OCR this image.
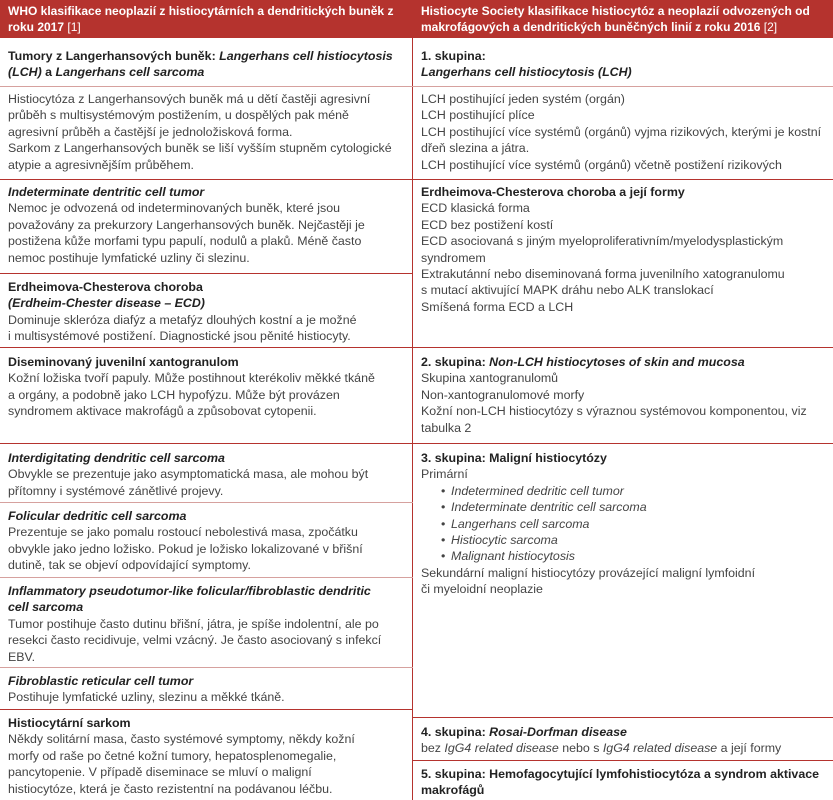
WHO klasifikace neoplazií z histiocytárních a dendritických buněk z roku 2017 [1]
Tumory z Langerhansových buněk: Langerhans cell histiocytosis
(LCH) a Langerhans cell sarcoma
Histiocytóza z Langerhansových buněk má u dětí častěji agresivní
průběh s multisystémovým postižením, u dospělých pak méně
agresivní průběh a častější je jednoložisková forma.
Sarkom z Langerhansových buněk se liší vyšším stupněm cytologické
atypie a agresivnějším průběhem.
Indeterminate dentritic cell tumor
Nemoc je odvozená od indeterminovaných buněk, které jsou
považovány za prekurzory Langerhansových buněk. Nejčastěji je
postižena kůže morfami typu papulí, nodulů a plaků. Méně často
nemoc postihuje lymfatické uzliny či slezinu.
Erdheimova-Chesterova choroba
(Erdheim-Chester disease – ECD)
Dominuje skleróza diafýz a metafýz dlouhých kostní a je možné
i multisystémové postižení. Diagnostické jsou pěnité histiocyty.
Diseminovaný juvenilní xantogranulom
Kožní ložiska tvoří papuly. Může postihnout kterékoliv měkké tkáně
a orgány, a podobně jako LCH hypofýzu. Může být provázen
syndromem aktivace makrofágů a způsobovat cytopenii.
Interdigitating dendritic cell sarcoma
Obvykle se prezentuje jako asymptomatická masa, ale mohou být
přítomny i systémové zánětlivé projevy.
Folicular dedritic cell sarcoma
Prezentuje se jako pomalu rostoucí nebolestivá masa, zpočátku
obvykle jako jedno ložisko. Pokud je ložisko lokalizované v břišní
dutině, tak se objeví odpovídající symptomy.
Inflammatory pseudotumor-like folicular/fibroblastic dendritic
cell sarcoma
Tumor postihuje často dutinu břišní, játra, je spíše indolentní, ale po
resekci často recidivuje, velmi vzácný. Je často asociovaný s infekcí
EBV.
Fibroblastic reticular cell tumor
Postihuje lymfatické uzliny, slezinu a měkké tkáně.
Histiocytární sarkom
Někdy solitární masa, často systémové symptomy, někdy kožní
morfy od raše po četné kožní tumory, hepatosplenomegalie,
pancytopenie. V případě diseminace se mluví o maligní
histiocytóze, která je často rezistentní na podávanou léčbu.
Histiocyte Society klasifikace histiocytóz a neoplazií odvozených od makrofágových a dendritických buněčných linií z roku 2016 [2]
1. skupina:
Langerhans cell histiocytosis (LCH)
LCH postihující jeden systém (orgán)
LCH postihující plíce
LCH postihující více systémů (orgánů) vyjma rizikových, kterými je kostní
dřeň slezina a játra.
LCH postihující více systémů (orgánů) včetně postižení rizikových
Erdheimova-Chesterova choroba a její formy
ECD klasická forma
ECD bez postižení kostí
ECD asociovaná s jiným myeloproliferativním/myelodysplastickým
syndromem
Extrakutánní nebo diseminovaná forma juvenilního xatogranulomu
s mutací aktivující MAPK dráhu nebo ALK translokací
Smíšená forma ECD a LCH
2. skupina: Non-LCH histiocytoses of skin and mucosa
Skupina xantogranulomů
Non-xantogranulomové morfy
Kožní non-LCH histiocytózy s výraznou systémovou komponentou, viz
tabulka 2
3. skupina: Maligní histiocytózy
Primární
• Indetermined dedritic cell tumor
• Indeterminate dentritic cell sarcoma
• Langerhans cell sarcoma
• Histiocytic sarcoma
• Malignant histiocytosis
Sekundární maligní histiocytózy provázející maligní lymfoidní
či myeloidní neoplazie
4. skupina: Rosai-Dorfman disease
bez IgG4 related disease nebo s IgG4 related disease a její formy
5. skupina: Hemofagocytující lymfohistiocytóza a syndrom aktivace
makrofágů
